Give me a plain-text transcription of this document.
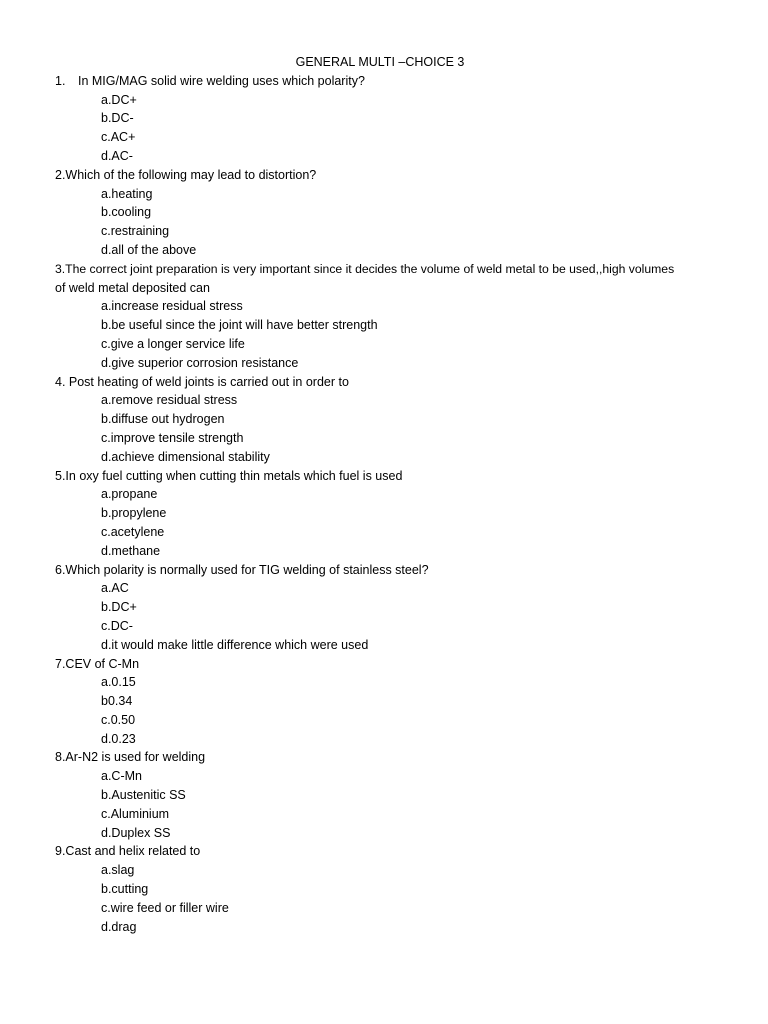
GENERAL MULTI –CHOICE 3
1. In MIG/MAG solid wire welding uses which polarity?
a.DC+
b.DC-
c.AC+
d.AC-
2.Which of the following may lead to distortion?
a.heating
b.cooling
c.restraining
d.all of the above
3.The correct joint preparation is very important since it decides the volume of weld metal to be used,,high volumes
of weld metal deposited can
a.increase residual stress
b.be useful since the joint will have better strength
c.give a longer service life
d.give superior corrosion resistance
4. Post heating of weld joints is carried out in order to
a.remove residual stress
b.diffuse out hydrogen
c.improve tensile strength
d.achieve dimensional stability
5.In oxy fuel cutting when cutting thin metals which fuel is used
a.propane
b.propylene
c.acetylene
d.methane
6.Which polarity is normally used for TIG welding of stainless steel?
a.AC
b.DC+
c.DC-
d.it would make little difference which were used
7.CEV of C-Mn
a.0.15
b0.34
c.0.50
d.0.23
8.Ar-N2 is used for welding
a.C-Mn
b.Austenitic SS
c.Aluminium
d.Duplex SS
9.Cast and helix related to
a.slag
b.cutting
c.wire feed or filler wire
d.drag
